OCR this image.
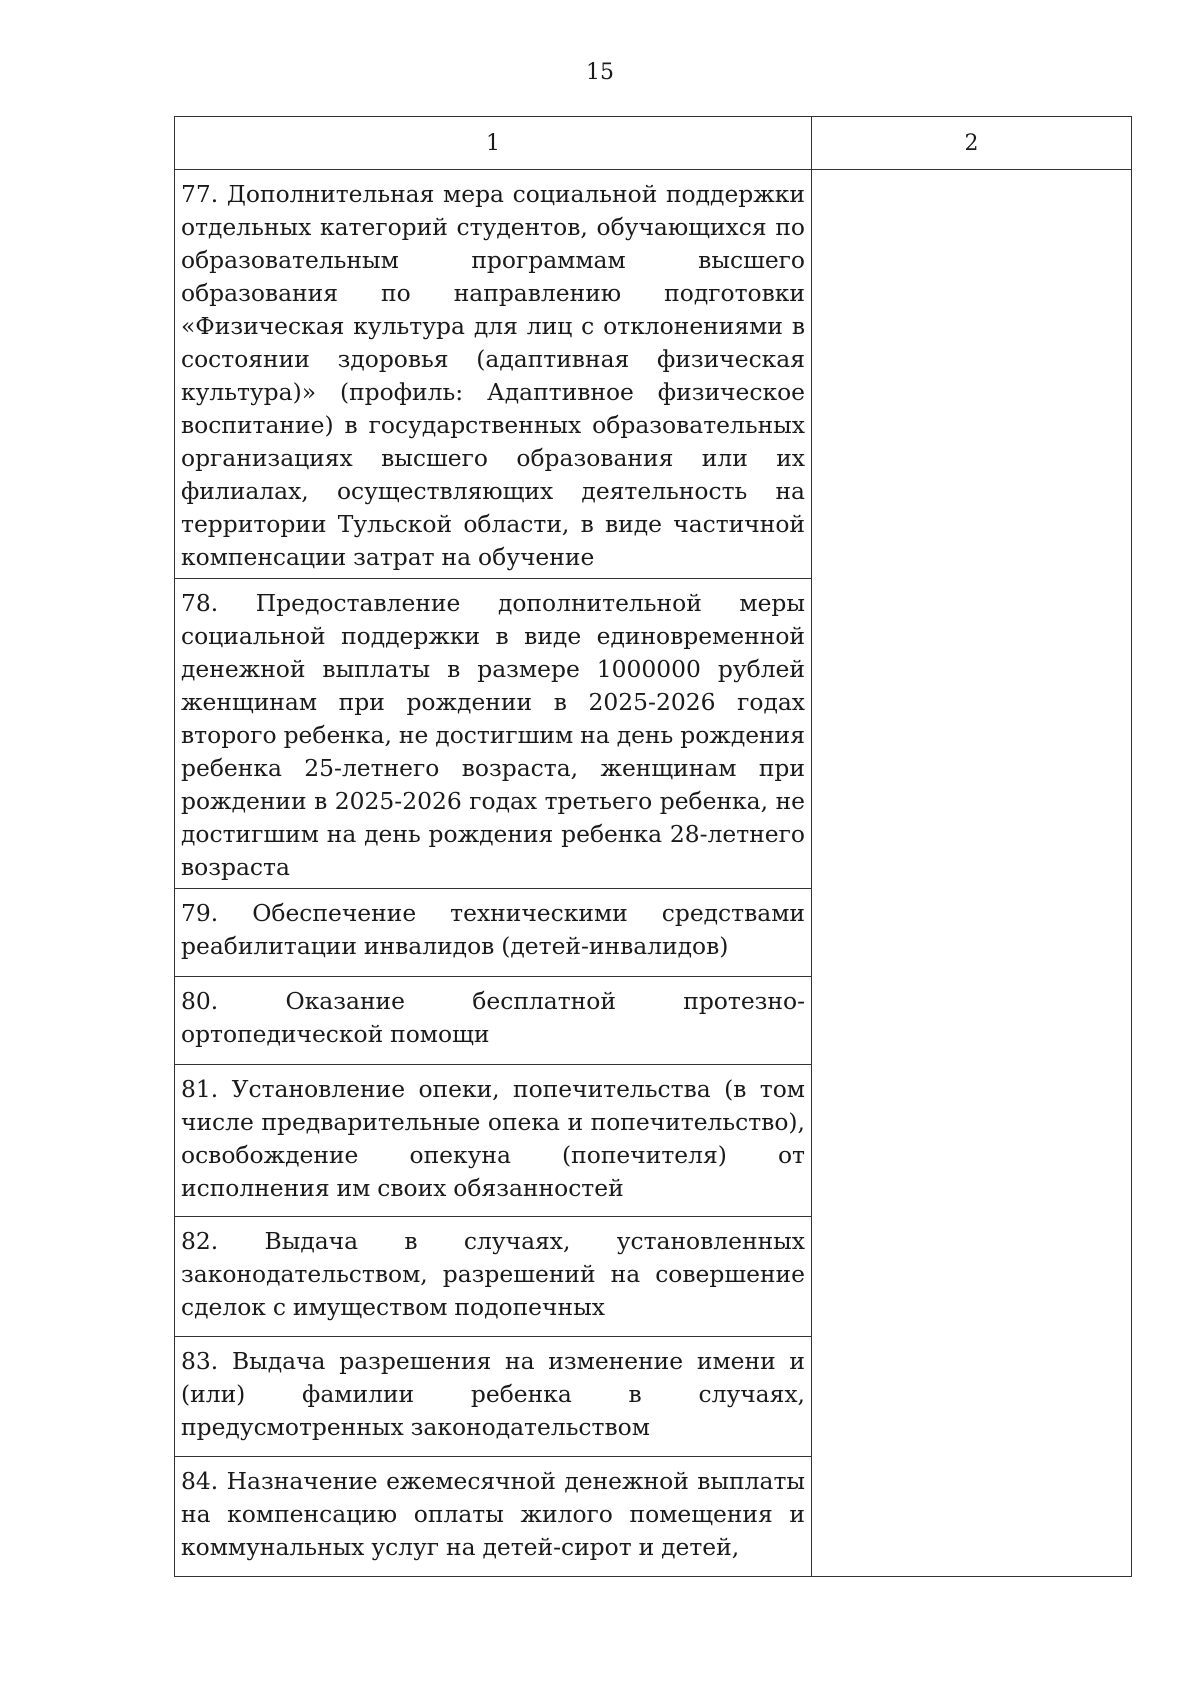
15
1	2
77. Дополнительная мера социальной поддержки отдельных категорий студентов, обучающихся по образовательным программам высшего образования по направлению подготовки «Физическая культура для лиц с отклонениями в состоянии здоровья (адаптивная физическая культура)» (профиль: Адаптивное физическое воспитание) в государственных образовательных организациях высшего образования или их филиалах, осуществляющих деятельность на территории Тульской области, в виде частичной компенсации затрат на обучение	
78. Предоставление дополнительной меры социальной поддержки в виде единовременной денежной выплаты в размере 1000000 рублей женщинам при рождении в 2025-2026 годах второго ребенка, не достигшим на день рождения ребенка 25-летнего возраста, женщинам при рождении в 2025-2026 годах третьего ребенка, не достигшим на день рождения ребенка 28-летнего возраста	
79. Обеспечение техническими средствами реабилитации инвалидов (детей-инвалидов)	
80. Оказание бесплатной протезно-ортопедической помощи	
81. Установление опеки, попечительства (в том числе предварительные опека и попечительство), освобождение опекуна (попечителя) от исполнения им своих обязанностей	
82. Выдача в случаях, установленных законодательством, разрешений на совершение сделок с имуществом подопечных	
83. Выдача разрешения на изменение имени и (или) фамилии ребенка в случаях, предусмотренных законодательством	
84. Назначение ежемесячной денежной выплаты на компенсацию оплаты жилого помещения и коммунальных услуг на детей-сирот и детей,	
